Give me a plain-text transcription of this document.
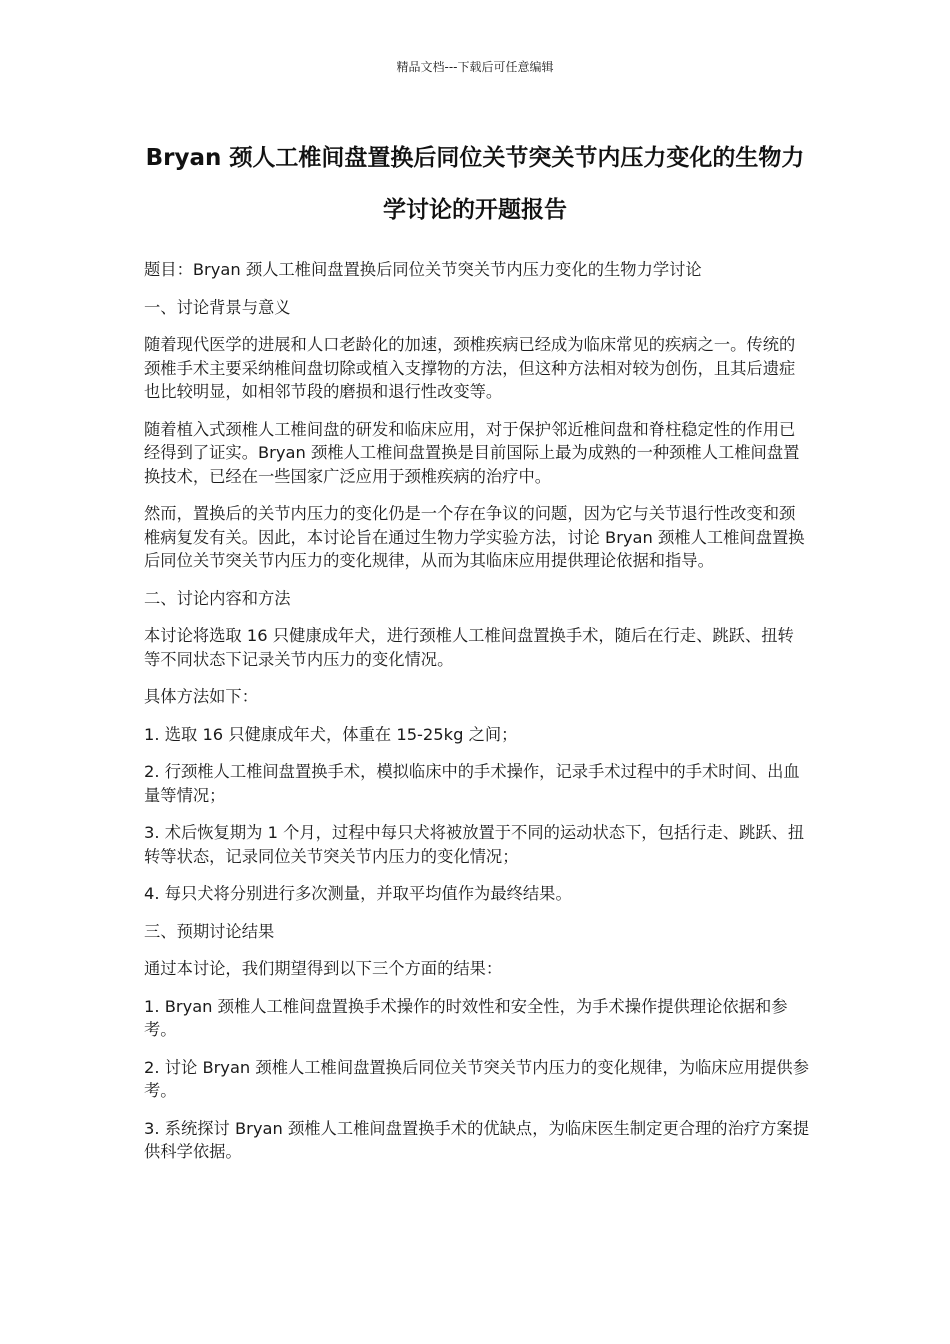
精品文档---下载后可任意编辑
Bryan 颈人工椎间盘置换后同位关节突关节内压力变化的生物力学讨论的开题报告

题目：Bryan 颈人工椎间盘置换后同位关节突关节内压力变化的生物力学讨论

一、讨论背景与意义

随着现代医学的进展和人口老龄化的加速，颈椎疾病已经成为临床常见的疾病之一。传统的颈椎手术主要采纳椎间盘切除或植入支撑物的方法，但这种方法相对较为创伤，且其后遗症也比较明显，如相邻节段的磨损和退行性改变等。

随着植入式颈椎人工椎间盘的研发和临床应用，对于保护邻近椎间盘和脊柱稳定性的作用已经得到了证实。Bryan 颈椎人工椎间盘置换是目前国际上最为成熟的一种颈椎人工椎间盘置换技术，已经在一些国家广泛应用于颈椎疾病的治疗中。

然而，置换后的关节内压力的变化仍是一个存在争议的问题，因为它与关节退行性改变和颈椎病复发有关。因此，本讨论旨在通过生物力学实验方法，讨论 Bryan 颈椎人工椎间盘置换后同位关节突关节内压力的变化规律，从而为其临床应用提供理论依据和指导。

二、讨论内容和方法

本讨论将选取 16 只健康成年犬，进行颈椎人工椎间盘置换手术，随后在行走、跳跃、扭转等不同状态下记录关节内压力的变化情况。

具体方法如下：

1. 选取 16 只健康成年犬，体重在 15-25kg 之间；

2. 行颈椎人工椎间盘置换手术，模拟临床中的手术操作，记录手术过程中的手术时间、出血量等情况；

3. 术后恢复期为 1 个月，过程中每只犬将被放置于不同的运动状态下，包括行走、跳跃、扭转等状态，记录同位关节突关节内压力的变化情况；

4. 每只犬将分别进行多次测量，并取平均值作为最终结果。

三、预期讨论结果

通过本讨论，我们期望得到以下三个方面的结果：

1. Bryan 颈椎人工椎间盘置换手术操作的时效性和安全性，为手术操作提供理论依据和参考。

2. 讨论 Bryan 颈椎人工椎间盘置换后同位关节突关节内压力的变化规律，为临床应用提供参考。

3. 系统探讨 Bryan 颈椎人工椎间盘置换手术的优缺点，为临床医生制定更合理的治疗方案提供科学依据。
